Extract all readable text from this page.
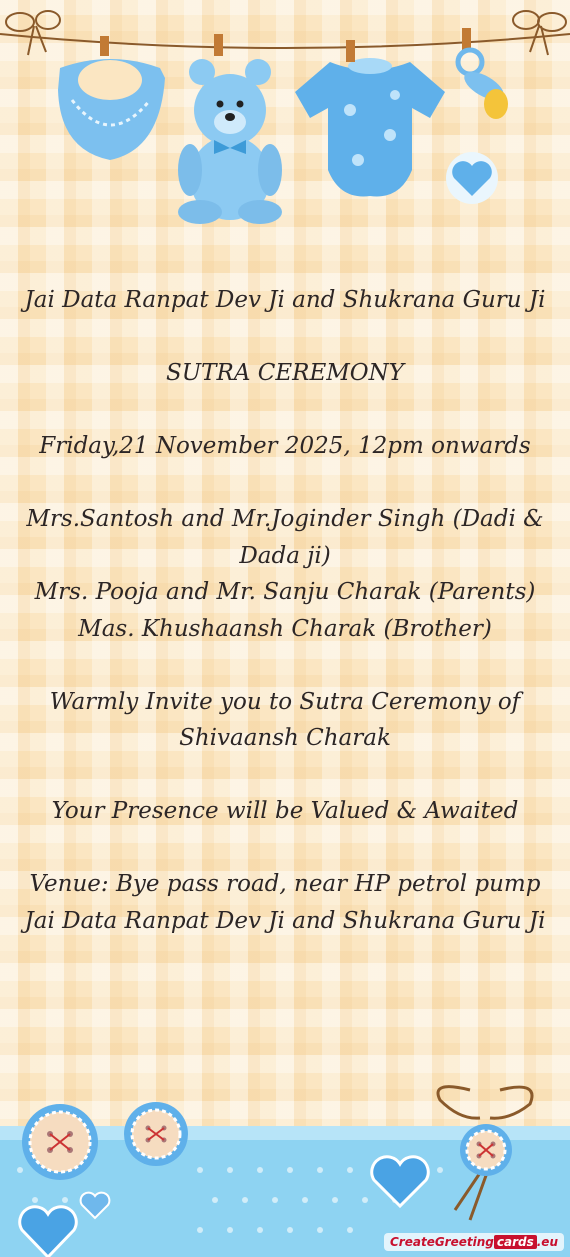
Jai Data Ranpat Dev Ji and Shukrana Guru Ji

SUTRA CEREMONY

Friday,21 November 2025, 12pm onwards

Mrs.Santosh and Mr.Joginder Singh (Dadi & Dada ji)

Mrs. Pooja and Mr. Sanju Charak (Parents)

Mas. Khushaansh Charak (Brother)

Warmly Invite you to Sutra Ceremony of Shivaansh Charak

Your Presence will be Valued & Awaited

Venue: Bye pass road, near HP petrol pump

Jai Data Ranpat Dev Ji and Shukrana Guru Ji

CreateGreeting cards .eu
